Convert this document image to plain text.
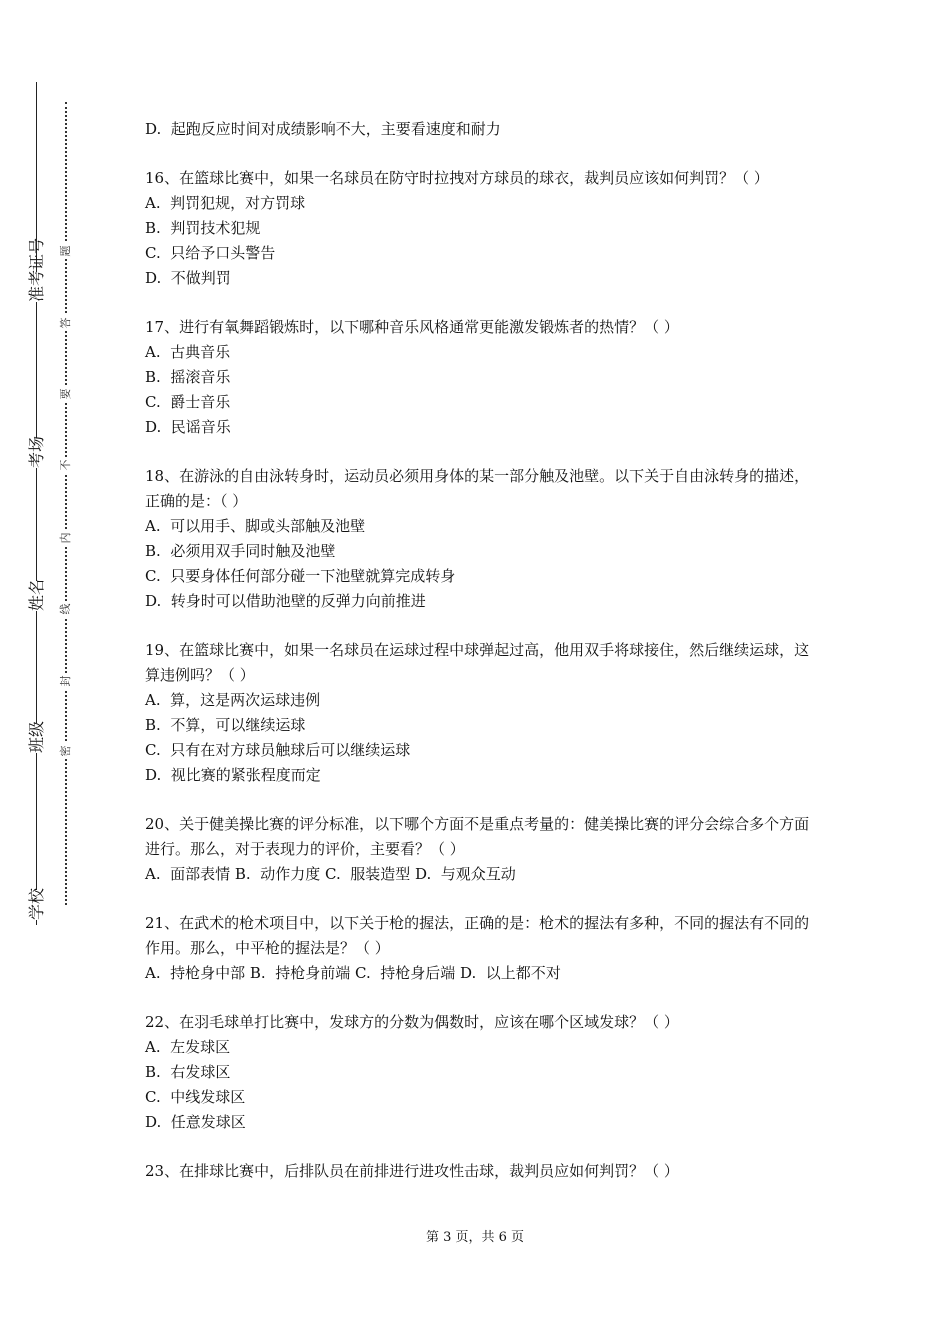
准考证号
考场
姓名
班级
学校
题
答
要
不
内
线
封
密

D.  起跑反应时间对成绩影响不大，主要看速度和耐力

16、在篮球比赛中，如果一名球员在防守时拉拽对方球员的球衣，裁判员应该如何判罚？（ ）

A.  判罚犯规，对方罚球

B.  判罚技术犯规

C.  只给予口头警告

D.  不做判罚

17、进行有氧舞蹈锻炼时，以下哪种音乐风格通常更能激发锻炼者的热情？（ ）

A.  古典音乐

B.  摇滚音乐

C.  爵士音乐

D.  民谣音乐

18、在游泳的自由泳转身时，运动员必须用身体的某一部分触及池壁。以下关于自由泳转身的描述，正确的是：（ ）

A.  可以用手、脚或头部触及池壁

B.  必须用双手同时触及池壁

C.  只要身体任何部分碰一下池壁就算完成转身

D.  转身时可以借助池壁的反弹力向前推进

19、在篮球比赛中，如果一名球员在运球过程中球弹起过高，他用双手将球接住，然后继续运球，这算违例吗？（ ）

A.  算，这是两次运球违例

B.  不算，可以继续运球

C.  只有在对方球员触球后可以继续运球

D.  视比赛的紧张程度而定

20、关于健美操比赛的评分标准，以下哪个方面不是重点考量的：健美操比赛的评分会综合多个方面进行。那么，对于表现力的评价，主要看？（ ）

A.  面部表情 B.  动作力度 C.  服装造型 D.  与观众互动

21、在武术的枪术项目中，以下关于枪的握法，正确的是：枪术的握法有多种，不同的握法有不同的作用。那么，中平枪的握法是？（ ）

A.  持枪身中部 B.  持枪身前端 C.  持枪身后端 D.  以上都不对

22、在羽毛球单打比赛中，发球方的分数为偶数时，应该在哪个区域发球？（ ）

A.  左发球区

B.  右发球区

C.  中线发球区

D.  任意发球区

23、在排球比赛中，后排队员在前排进行进攻性击球，裁判员应如何判罚？（ ）

第 3 页，共 6 页
